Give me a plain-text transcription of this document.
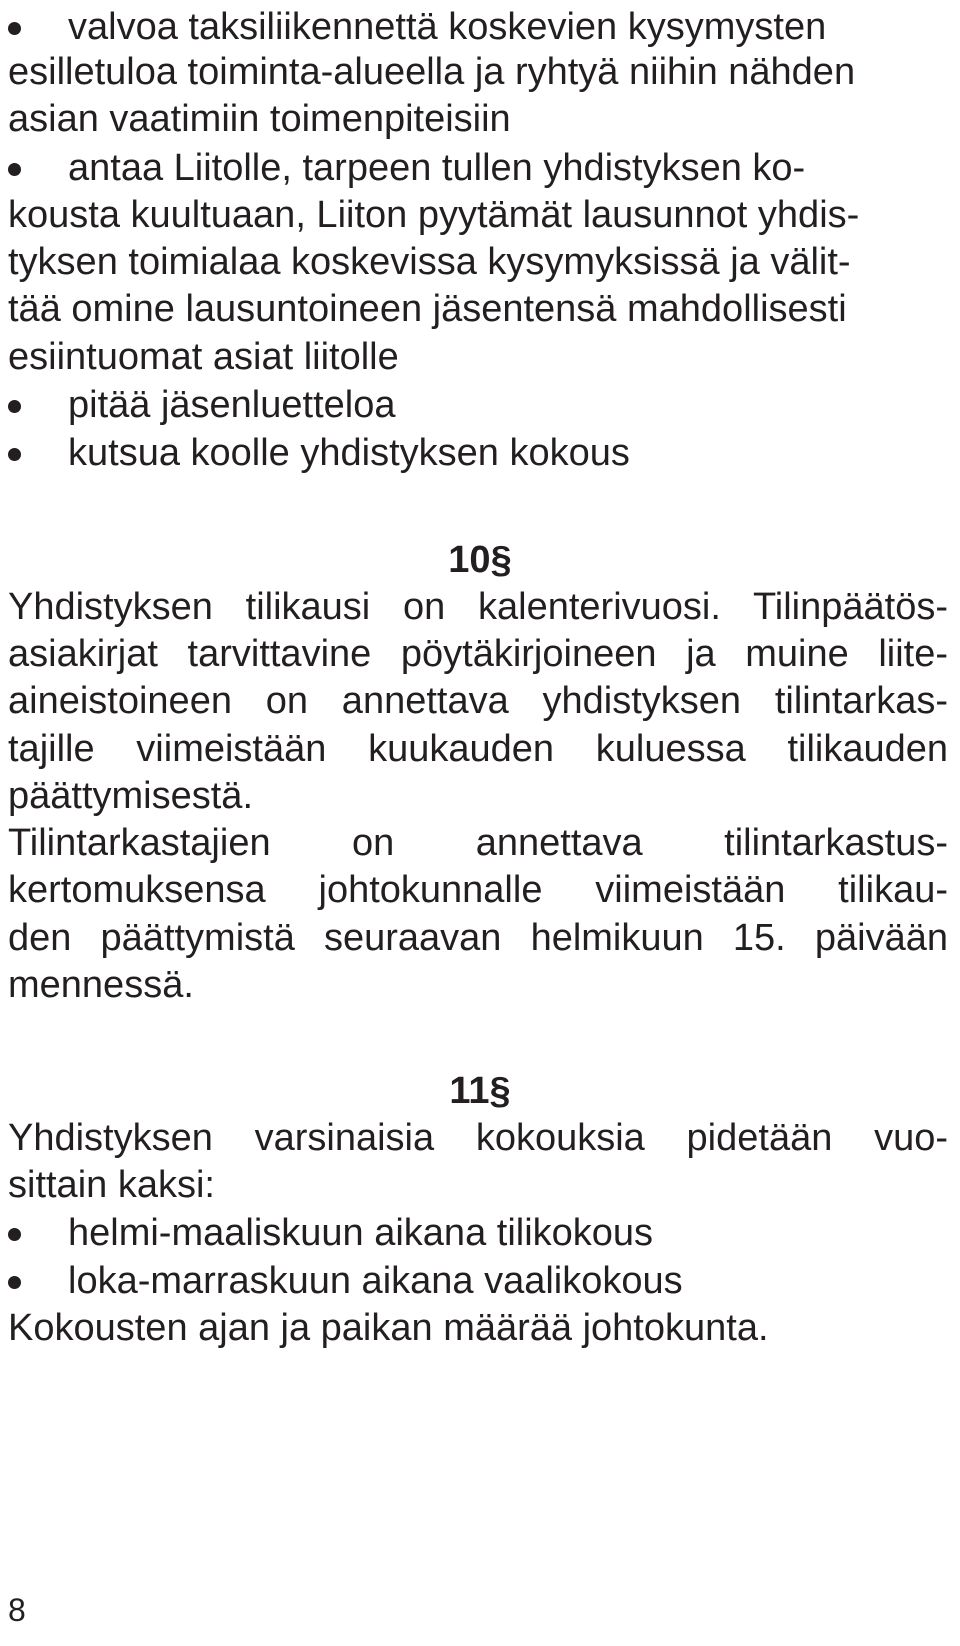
valvoa taksiliikennettä koskevien kysymysten
esilletuloa toiminta-alueella ja ryhtyä niihin nähden
asian vaatimiin toimenpiteisiin
antaa Liitolle, tarpeen tullen yhdistyksen ko-
kousta kuultuaan, Liiton pyytämät lausunnot yhdis-
tyksen toimialaa koskevissa kysymyksissä ja välit-
tää omine lausuntoineen jäsentensä mahdollisesti
esiintuomat asiat liitolle
pitää jäsenluetteloa
kutsua koolle yhdistyksen kokous
10§
Yhdistyksen tilikausi on kalenterivuosi. Tilinpäätös-
asiakirjat tarvittavine pöytäkirjoineen ja muine liite-
aineistoineen on annettava yhdistyksen tilintarkas-
tajille viimeistään kuukauden kuluessa tilikauden
päättymisestä.
Tilintarkastajien on annettava tilintarkastus-
kertomuksensa johtokunnalle viimeistään tilikau-
den päättymistä seuraavan helmikuun 15. päivään
mennessä.
11§
Yhdistyksen varsinaisia kokouksia pidetään vuo-
sittain kaksi:
helmi-maaliskuun aikana tilikokous
loka-marraskuun aikana vaalikokous
Kokousten ajan ja paikan määrää johtokunta.
8
